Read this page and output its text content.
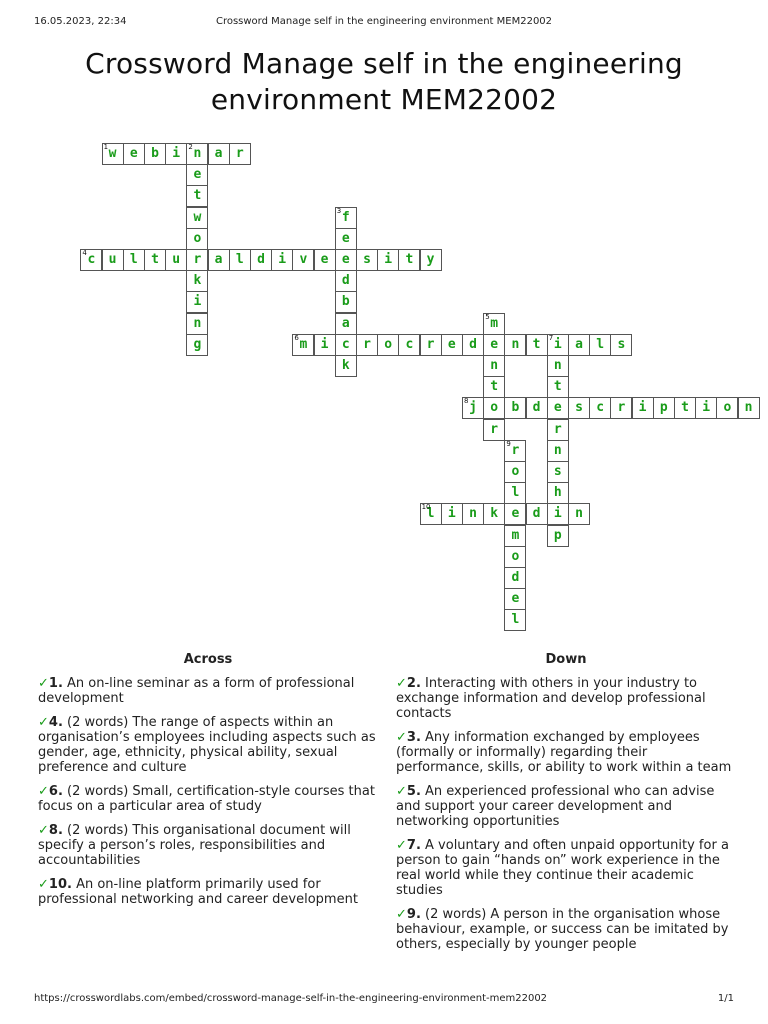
16.05.2023, 22:34	Crossword Manage self in the engineering environment MEM22002
Crossword Manage self in the engineering environment MEM22002
1 w	e	b	i	2 n	a	r
e
t
w
o
r
k
i
n
g
3 f
e
e
d
b
a
c
k
4 c	u	l	t	u	a	l	d	i	v	e	s	i	t	y
5 m
e
n
t
o
r
6 m	i	r	o	c	r	e	d	n	t	7 i	a	l	s
n
t
e
r
n
s
h
i
p
8 j	b	d	s	c	r	i	p	t	i	o	n
9 r
o
l
e
m
o
d
e
l
10
l	i	n	k	d	n
Across
✓1. An on-line seminar as a form of professional development
✓4. (2 words) The range of aspects within an organisation’s employees including aspects such as gender, age, ethnicity, physical ability, sexual preference and culture
✓6. (2 words) Small, certification-style courses that focus on a particular area of study
✓8. (2 words) This organisational document will specify a person’s roles, responsibilities and accountabilities
✓10. An on-line platform primarily used for professional networking and career development
Down
✓2. Interacting with others in your industry to exchange information and develop professional contacts
✓3. Any information exchanged by employees (formally or informally) regarding their performance, skills, or ability to work within a team
✓5. An experienced professional who can advise and support your career development and networking opportunities
✓7. A voluntary and often unpaid opportunity for a person to gain “hands on” work experience in the real world while they continue their academic studies
✓9. (2 words) A person in the organisation whose behaviour, example, or success can be imitated by others, especially by younger people
https://crosswordlabs.com/embed/crossword-manage-self-in-the-engineering-environment-mem22002	1/1
